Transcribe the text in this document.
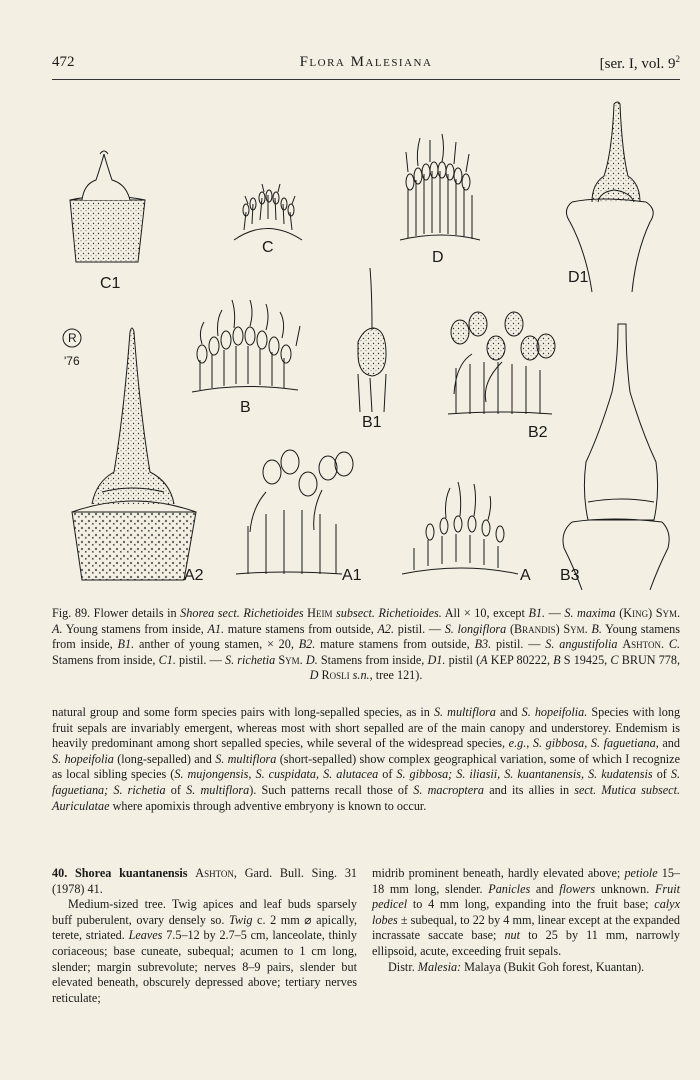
472	Flora Malesiana	[ser. I, vol. $9^2$
C1
C
D
D1
B
B1
B2
A2	A1	A B3
R
'76
Fig. 89. Flower details in Shorea sect. Richetioides Heim subsect. Richetioides. All × 10, except B1. — S. maxima (King) Sym. A. Young stamens from inside, A1. mature stamens from outside, A2. pistil. — S. longiflora (Brandis) Sym. B. Young stamens from inside, B1. anther of young stamen, × 20, B2. mature stamens from outside, B3. pistil. — S. angustifolia Ashton. C. Stamens from inside, C1. pistil. — S. richetia Sym. D. Stamens from inside, D1. pistil (A KEP 80222, B S 19425, C BRUN 778, D Rosli s.n., tree 121).
natural group and some form species pairs with long-sepalled species, as in S. multiflora and S. hopeifolia. Species with long fruit sepals are invariably emergent, whereas most with short sepalled are of the main canopy and understorey. Endemism is heavily predominant among short sepalled species, while several of the widespread species, e.g., S. gibbosa, S. faguetiana, and S. hopeifolia (long-sepalled) and S. multiflora (short-sepalled) show complex geographical variation, some of which I recognize as local sibling species (S. mujongensis, S. cuspidata, S. alutacea of S. gibbosa; S. iliasii, S. kuantanensis, S. kudatensis of S. faguetiana; S. richetia of S. multiflora). Such patterns recall those of S. macroptera and its allies in sect. Mutica subsect. Auriculatae where apomixis through adventive embryony is known to occur.
40. Shorea kuantanensis Ashton, Gard. Bull. Sing. 31 (1978) 41.
Medium-sized tree. Twig apices and leaf buds sparsely buff puberulent, ovary densely so. Twig c. 2 mm ⌀ apically, terete, striated. Leaves 7.5–12 by 2.7–5 cm, lanceolate, thinly coriaceous; base cuneate, subequal; acumen to 1 cm long, slender; margin subrevolute; nerves 8–9 pairs, slender but elevated beneath, obscurely depressed above; tertiary nerves reticulate;
midrib prominent beneath, hardly elevated above; petiole 15–18 mm long, slender. Panicles and flowers unknown. Fruit pedicel to 4 mm long, expanding into the fruit base; calyx lobes ± subequal, to 22 by 4 mm, linear except at the expanded incrassate saccate base; nut to 25 by 11 mm, narrowly ellipsoid, acute, exceeding fruit sepals.
Distr. Malesia: Malaya (Bukit Goh forest, Kuantan).
